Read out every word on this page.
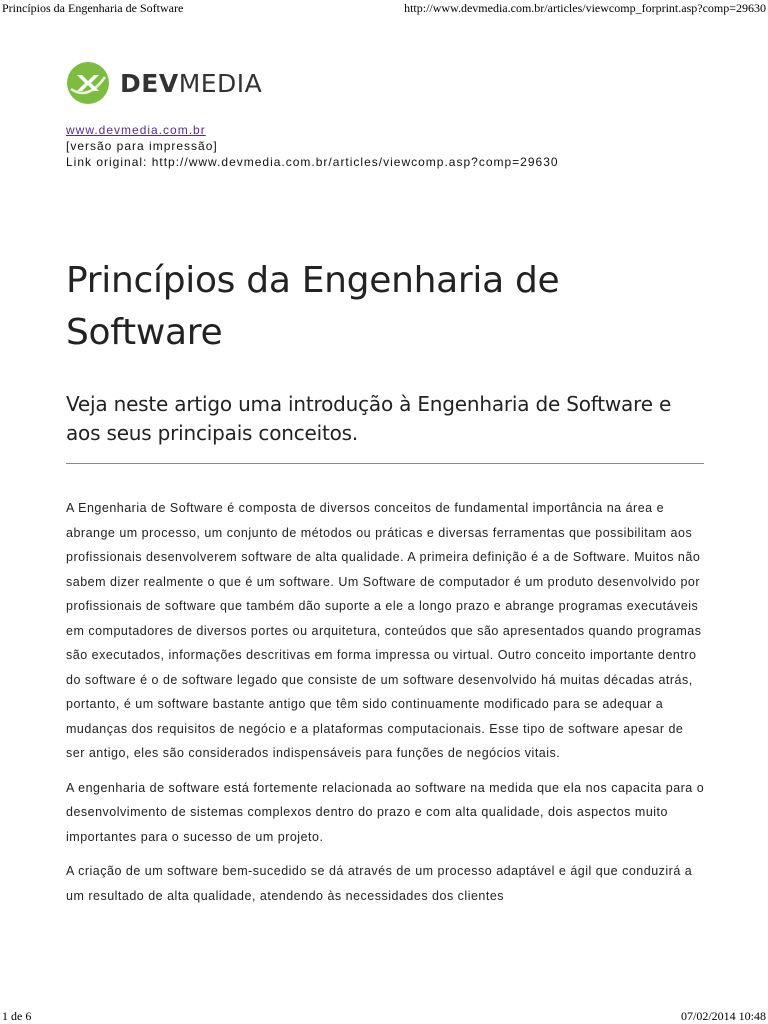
Princípios da Engenharia de Software	http://www.devmedia.com.br/articles/viewcomp_forprint.asp?comp=29630
DEVMEDIA
www.devmedia.com.br
[versão para impressão]
Link original: http://www.devmedia.com.br/articles/viewcomp.asp?comp=29630
Princípios da Engenharia de Software
Veja neste artigo uma introdução à Engenharia de Software e aos seus principais conceitos.

A Engenharia de Software é composta de diversos conceitos de fundamental importância na área e abrange um processo, um conjunto de métodos ou práticas e diversas ferramentas que possibilitam aos profissionais desenvolverem software de alta qualidade. A primeira definição é a de Software. Muitos não sabem dizer realmente o que é um software. Um Software de computador é um produto desenvolvido por profissionais de software que também dão suporte a ele a longo prazo e abrange programas executáveis em computadores de diversos portes ou arquitetura, conteúdos que são apresentados quando programas são executados, informações descritivas em forma impressa ou virtual. Outro conceito importante dentro do software é o de software legado que consiste de um software desenvolvido há muitas décadas atrás, portanto, é um software bastante antigo que têm sido continuamente modificado para se adequar a mudanças dos requisitos de negócio e a plataformas computacionais. Esse tipo de software apesar de ser antigo, eles são considerados indispensáveis para funções de negócios vitais.

A engenharia de software está fortemente relacionada ao software na medida que ela nos capacita para o desenvolvimento de sistemas complexos dentro do prazo e com alta qualidade, dois aspectos muito importantes para o sucesso de um projeto.

A criação de um software bem-sucedido se dá através de um processo adaptável e ágil que conduzirá a um resultado de alta qualidade, atendendo às necessidades dos clientes

1 de 6	07/02/2014 10:48
